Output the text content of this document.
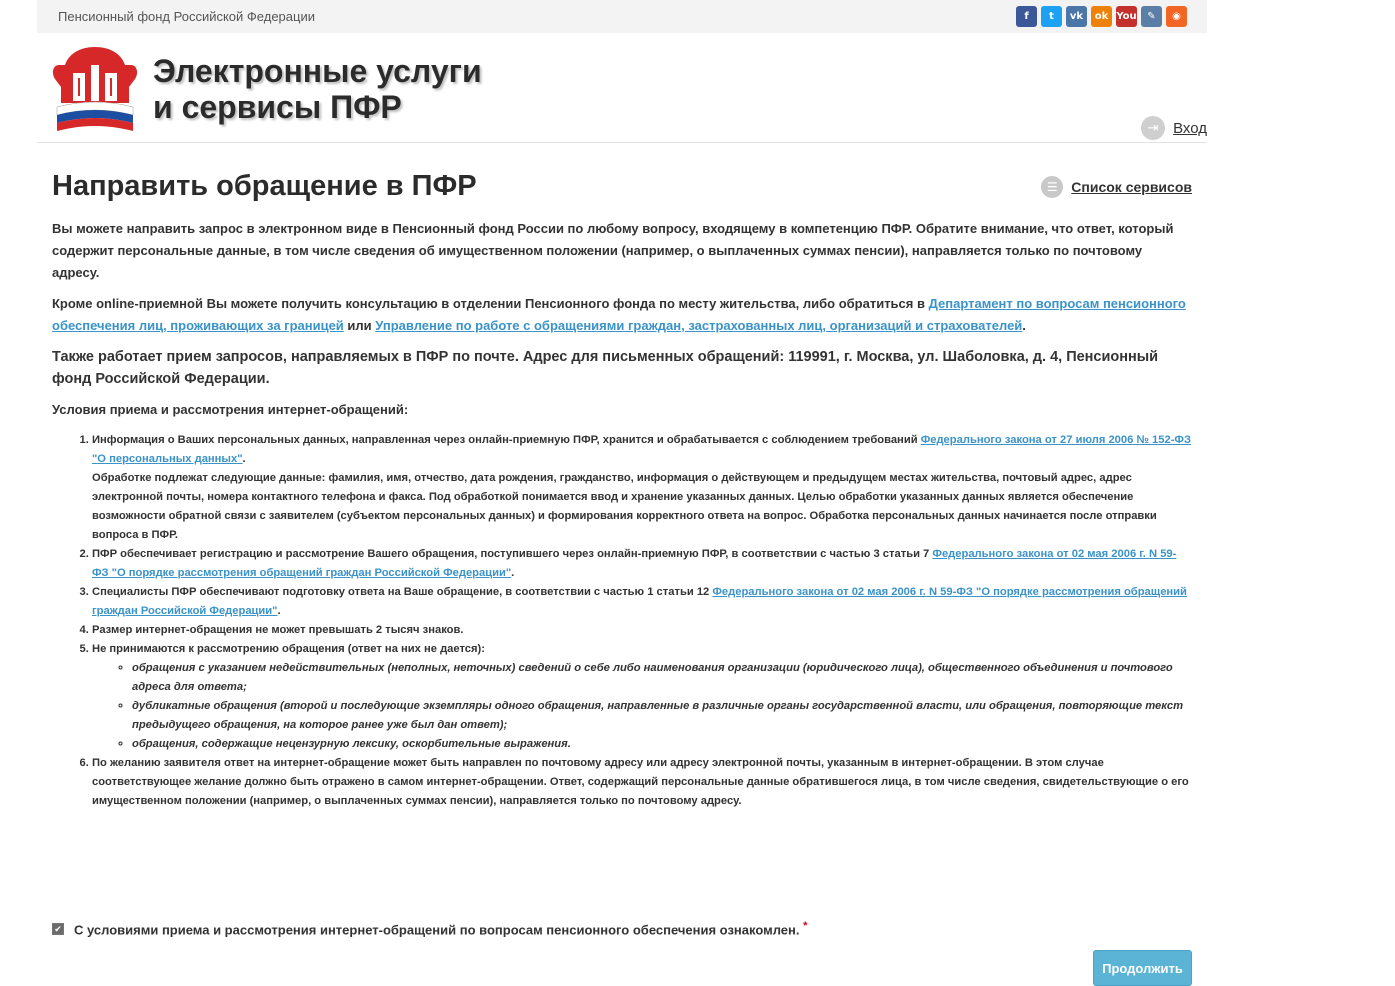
Пенсионный фонд Российской Федерации	f	t	vk	ok You	✎	◉
Электронные услуги
и сервисы ПФР
⇥ Вход
Направить обращение в ПФР	☰ Список сервисов

Вы можете направить запрос в электронном виде в Пенсионный фонд России по любому вопросу, входящему в компетенцию ПФР. Обратите внимание, что ответ, который содержит персональные данные, в том числе сведения об имущественном положении (например, о выплаченных суммах пенсии), направляется только по почтовому адресу.

Кроме online-приемной Вы можете получить консультацию в отделении Пенсионного фонда по месту жительства, либо обратиться в Департамент по вопросам пенсионного обеспечения лиц, проживающих за границей или Управление по работе с обращениями граждан, застрахованных лиц, организаций и страхователей.

Также работает прием запросов, направляемых в ПФР по почте. Адрес для письменных обращений: 119991, г. Москва, ул. Шаболовка, д. 4, Пенсионный фонд Российской Федерации.

Условия приема и рассмотрения интернет-обращений:

1. Информация о Ваших персональных данных, направленная через онлайн-приемную ПФР, хранится и обрабатывается с соблюдением требований Федерального закона от 27 июля 2006 № 152-ФЗ "О персональных данных".
Обработке подлежат следующие данные: фамилия, имя, отчество, дата рождения, гражданство, информация о действующем и предыдущем местах жительства, почтовый адрес, адрес электронной почты, номера контактного телефона и факса. Под обработкой понимается ввод и хранение указанных данных. Целью обработки указанных данных является обеспечение возможности обратной связи с заявителем (субъектом персональных данных) и формирования корректного ответа на вопрос. Обработка персональных данных начинается после отправки вопроса в ПФР.
2. ПФР обеспечивает регистрацию и рассмотрение Вашего обращения, поступившего через онлайн-приемную ПФР, в соответствии с частью 3 статьи 7 Федерального закона от 02 мая 2006 г. N 59-ФЗ "О порядке рассмотрения обращений граждан Российской Федерации".
3. Специалисты ПФР обеспечивают подготовку ответа на Ваше обращение, в соответствии с частью 1 статьи 12 Федерального закона от 02 мая 2006 г. N 59-ФЗ "О порядке рассмотрения обращений граждан Российской Федерации".
4. Размер интернет-обращения не может превышать 2 тысяч знаков.
5. Не принимаются к рассмотрению обращения (ответ на них не дается):
◦ обращения с указанием недействительных (неполных, неточных) сведений о себе либо наименования организации (юридического лица), общественного объединения и почтового адреса для ответа;
◦ дубликатные обращения (второй и последующие экземпляры одного обращения, направленные в различные органы государственной власти, или обращения, повторяющие текст предыдущего обращения, на которое ранее уже был дан ответ);
◦ обращения, содержащие нецензурную лексику, оскорбительные выражения.
6. По желанию заявителя ответ на интернет-обращение может быть направлен по почтовому адресу или адресу электронной почты, указанным в интернет-обращении. В этом случае соответствующее желание должно быть отражено в самом интернет-обращении. Ответ, содержащий персональные данные обратившегося лица, в том числе сведения, свидетельствующие о его имущественном положении (например, о выплаченных суммах пенсии), направляется только по почтовому адресу.
✔ С условиями приема и рассмотрения интернет-обращений по вопросам пенсионного обеспечения ознакомлен. *
Продолжить
